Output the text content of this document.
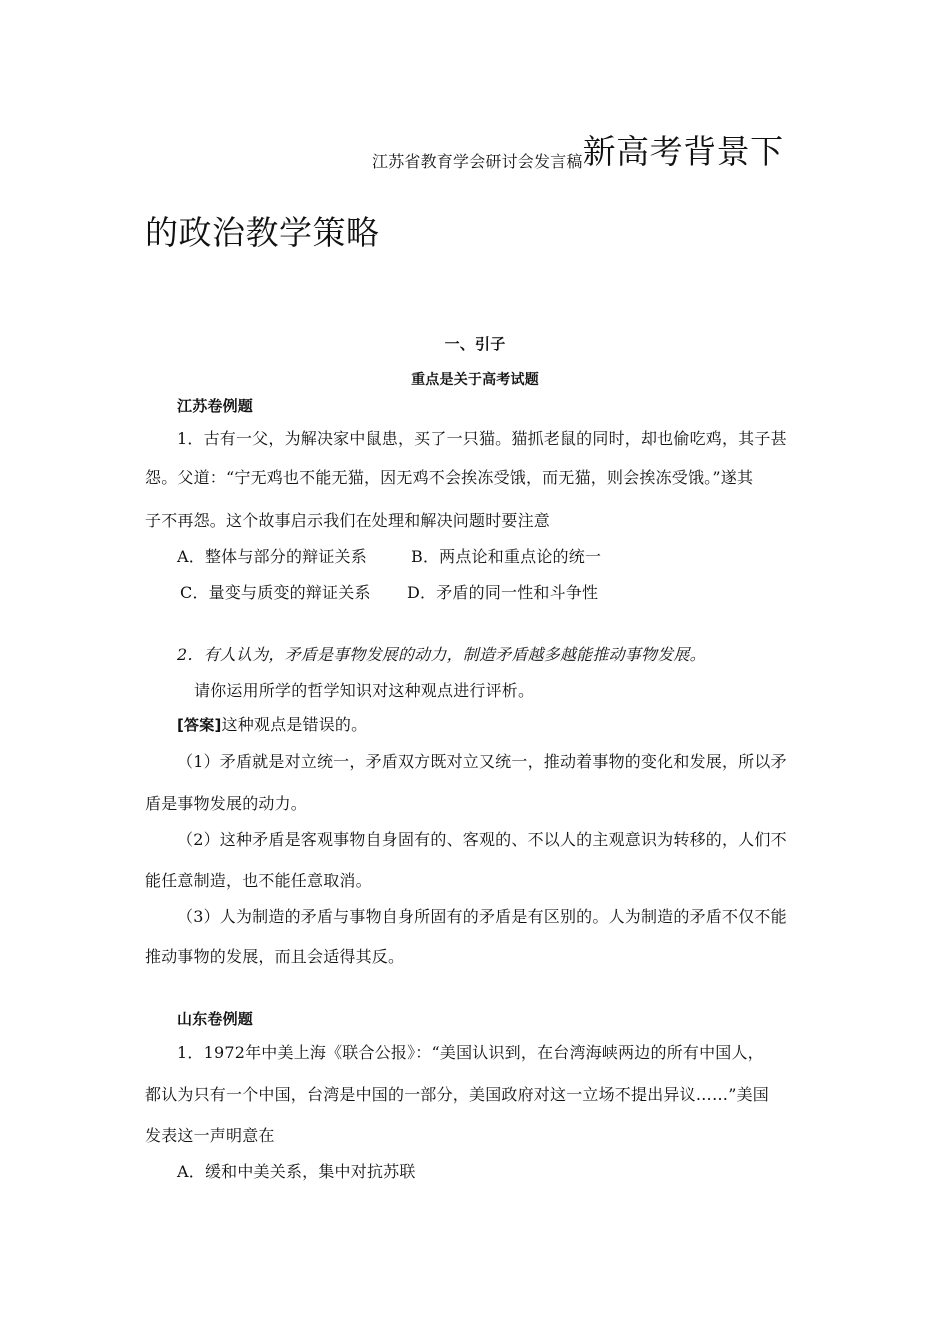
江苏省教育学会研讨会发言稿新高考背景下
的政治教学策略
一、引子
重点是关于高考试题
江苏卷例题
1．古有一父，为解决家中鼠患，买了一只猫。猫抓老鼠的同时，却也偷吃鸡，其子甚
怨。父道：“宁无鸡也不能无猫，因无鸡不会挨冻受饿，而无猫，则会挨冻受饿。”遂其
子不再怨。这个故事启示我们在处理和解决问题时要注意
A．整体与部分的辩证关系	B．两点论和重点论的统一
C．量变与质变的辩证关系 D．矛盾的同一性和斗争性
2．有人认为，矛盾是事物发展的动力，制造矛盾越多越能推动事物发展。
请你运用所学的哲学知识对这种观点进行评析。
[答案]这种观点是错误的。
（1）矛盾就是对立统一，矛盾双方既对立又统一，推动着事物的变化和发展，所以矛
盾是事物发展的动力。
（2）这种矛盾是客观事物自身固有的、客观的、不以人的主观意识为转移的，人们不
能任意制造，也不能任意取消。
（3）人为制造的矛盾与事物自身所固有的矛盾是有区别的。人为制造的矛盾不仅不能
推动事物的发展，而且会适得其反。
山东卷例题
1．1972年中美上海《联合公报》：“美国认识到，在台湾海峡两边的所有中国人，
都认为只有一个中国，台湾是中国的一部分，美国政府对这一立场不提出异议……”美国
发表这一声明意在
A．缓和中美关系，集中对抗苏联
